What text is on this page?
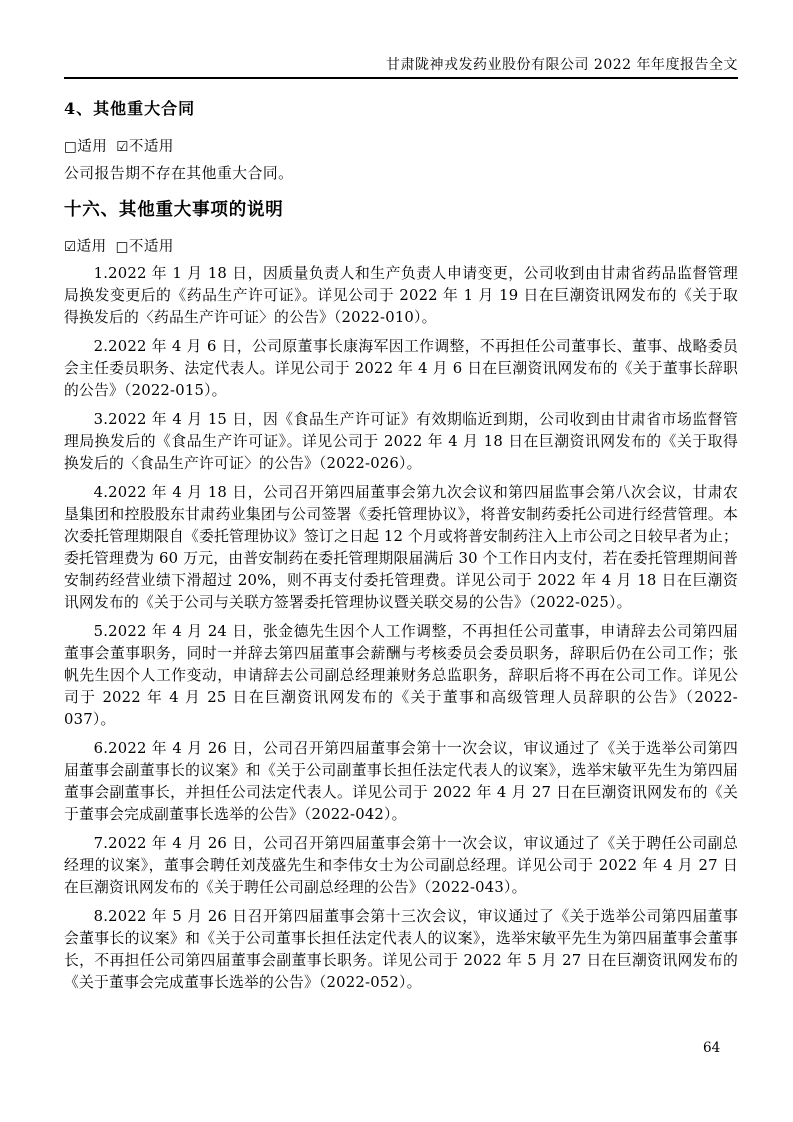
甘肃陇神戎发药业股份有限公司 2022 年年度报告全文
4、其他重大合同
□适用 ☑不适用

公司报告期不存在其他重大合同。

十六、其他重大事项的说明
☑适用 □不适用

1.2022 年 1 月 18 日，因质量负责人和生产负责人申请变更，公司收到由甘肃省药品监督管理局换发变更后的《药品生产许可证》。详见公司于 2022 年 1 月 19 日在巨潮资讯网发布的《关于取得换发后的〈药品生产许可证〉的公告》（2022-010）。

2.2022 年 4 月 6 日，公司原董事长康海军因工作调整，不再担任公司董事长、董事、战略委员会主任委员职务、法定代表人。详见公司于 2022 年 4 月 6 日在巨潮资讯网发布的《关于董事长辞职的公告》（2022-015）。

3.2022 年 4 月 15 日，因《食品生产许可证》有效期临近到期，公司收到由甘肃省市场监督管理局换发后的《食品生产许可证》。详见公司于 2022 年 4 月 18 日在巨潮资讯网发布的《关于取得换发后的〈食品生产许可证〉的公告》（2022-026）。

4.2022 年 4 月 18 日，公司召开第四届董事会第九次会议和第四届监事会第八次会议，甘肃农垦集团和控股股东甘肃药业集团与公司签署《委托管理协议》，将普安制药委托公司进行经营管理。本次委托管理期限自《委托管理协议》签订之日起 12 个月或将普安制药注入上市公司之日较早者为止；委托管理费为 60 万元，由普安制药在委托管理期限届满后 30 个工作日内支付，若在委托管理期间普安制药经营业绩下滑超过 20%，则不再支付委托管理费。详见公司于 2022 年 4 月 18 日在巨潮资讯网发布的《关于公司与关联方签署委托管理协议暨关联交易的公告》（2022-025）。

5.2022 年 4 月 24 日，张金德先生因个人工作调整，不再担任公司董事，申请辞去公司第四届董事会董事职务，同时一并辞去第四届董事会薪酬与考核委员会委员职务，辞职后仍在公司工作；张帆先生因个人工作变动，申请辞去公司副总经理兼财务总监职务，辞职后将不再在公司工作。详见公司于 2022 年 4 月 25 日在巨潮资讯网发布的《关于董事和高级管理人员辞职的公告》（2022-037）。

6.2022 年 4 月 26 日，公司召开第四届董事会第十一次会议，审议通过了《关于选举公司第四届董事会副董事长的议案》和《关于公司副董事长担任法定代表人的议案》，选举宋敏平先生为第四届董事会副董事长，并担任公司法定代表人。详见公司于 2022 年 4 月 27 日在巨潮资讯网发布的《关于董事会完成副董事长选举的公告》（2022-042）。

7.2022 年 4 月 26 日，公司召开第四届董事会第十一次会议，审议通过了《关于聘任公司副总经理的议案》，董事会聘任刘茂盛先生和李伟女士为公司副总经理。详见公司于 2022 年 4 月 27 日在巨潮资讯网发布的《关于聘任公司副总经理的公告》（2022-043）。

8.2022 年 5 月 26 日召开第四届董事会第十三次会议，审议通过了《关于选举公司第四届董事会董事长的议案》和《关于公司董事长担任法定代表人的议案》，选举宋敏平先生为第四届董事会董事长，不再担任公司第四届董事会副董事长职务。详见公司于 2022 年 5 月 27 日在巨潮资讯网发布的《关于董事会完成董事长选举的公告》（2022-052）。

64
